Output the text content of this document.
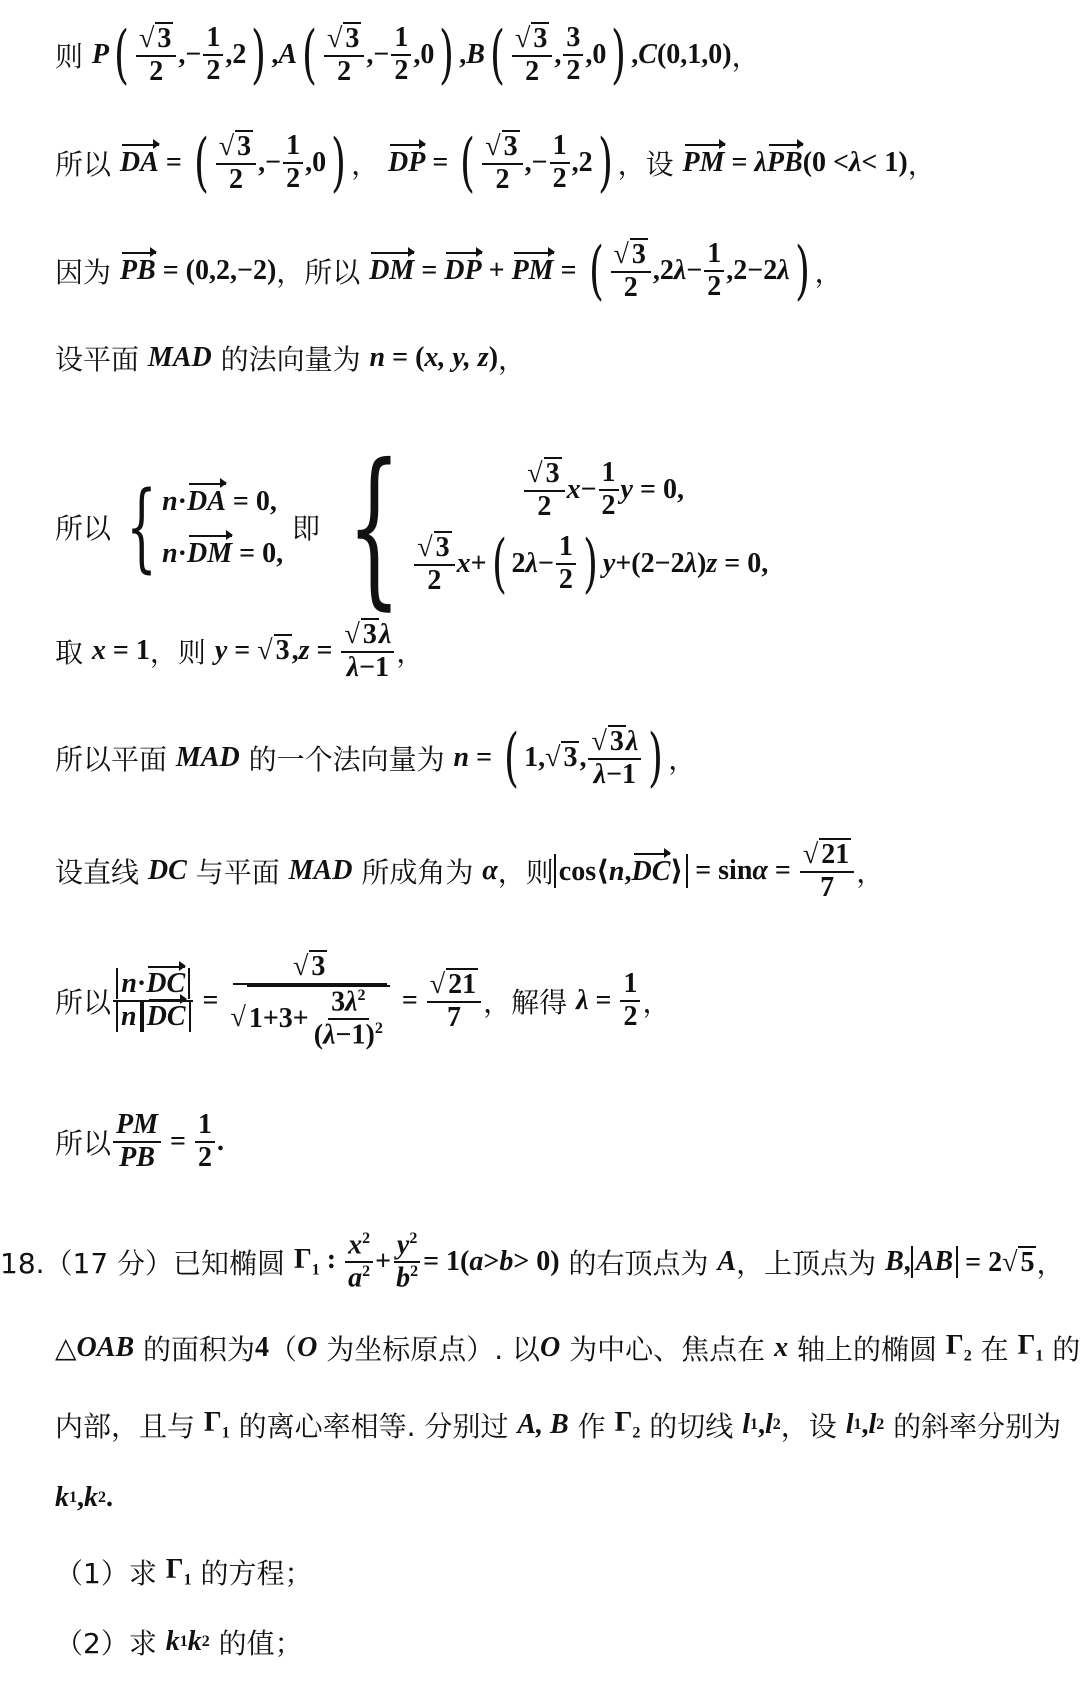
则
P ( $\frac{√ 3}{2}$ ,− $\frac{1}{2} ,2$ ) , A ( $\frac{√ 3}{2}$ ,− $\frac{1}{2} ,0$ ) , B ( $\frac{√ 3}{2}$ , $\frac{3}{2} ,0$ ) , C (0,1,0) ，
所以
DA = ( $\frac{√ 3}{2}$ ,− $\frac{1}{2} ,0$ ) ，
DP = ( $\frac{√ 3}{2}$ ,− $\frac{1}{2} ,2$ ) ，设
PM = λ PB (0 < λ < 1) ，
因为
PB = (0,2,−2) ，所以
DM = DP + PM = ( $\frac{√ 3}{2} ,2$ $\lambda - \frac{1}{2} ,2-2$ λ ) ，
设平面
MAD
的法向量为
n = ( x, y, z ) ，
所以 { n·DA = 0,
n·DM = 0,

即 {	$\frac{√ 3}{2}$ $x - \frac{1}{2}$ y = 0,
$\frac{√ 3}{2}$ x + ( 2 $\lambda - \frac{1}{2}$ ) y +(2−2 λ ) z = 0,
取
x = 1 ，则
y = √ 3, $z = \frac{√ 3\lambda}{\lambda-1}$ ，
所以平面
MAD
的一个法向量为
n = ( 1,√ 3, $\frac{√ 3\lambda}{\lambda-1}$ ) ，
设直线
DC
与平面
MAD
所成角为
α ，则 cos⟨n,DC⟩ = $\sin \alpha = \frac{√ 21}{7}$ ，
所以 $\frac{n\cdot DC}{\text{n DC}} = \frac{√ 3}{√ 1+3+ \frac{3\lambda^2}{(\lambda-1)^2}} = \frac{√ 21}{7}$ ，解得
$\lambda = \frac{1}{2}$ ，
所以 $\frac{PM}{PB} = \frac{1}{2}$ .
18.（17 分）已知椭圆
$\Gamma_1$ : $\frac{x^2}{a^2} + \frac{y^2}{b^2} = 1$( a > b > 0)
的右顶点为
A ，上顶点为
B , AB = 2√ 5 ，
△ OAB
的面积为 4 （ O
为坐标原点）. 以 O
为中心、焦点在
x
轴上的椭圆
$\Gamma_2$
在
$\Gamma_1$
的
内部，且与
$\Gamma_1$
的离心率相等. 分别过
A, B
作
$\Gamma_2$
的切线
l 1 , l 2 ，设
l 1 , l 2
的斜率分别为
k 1 , k 2 .
（1）求
$\Gamma_1$
的方程；
（2）求
k 1 k 2
的值；
